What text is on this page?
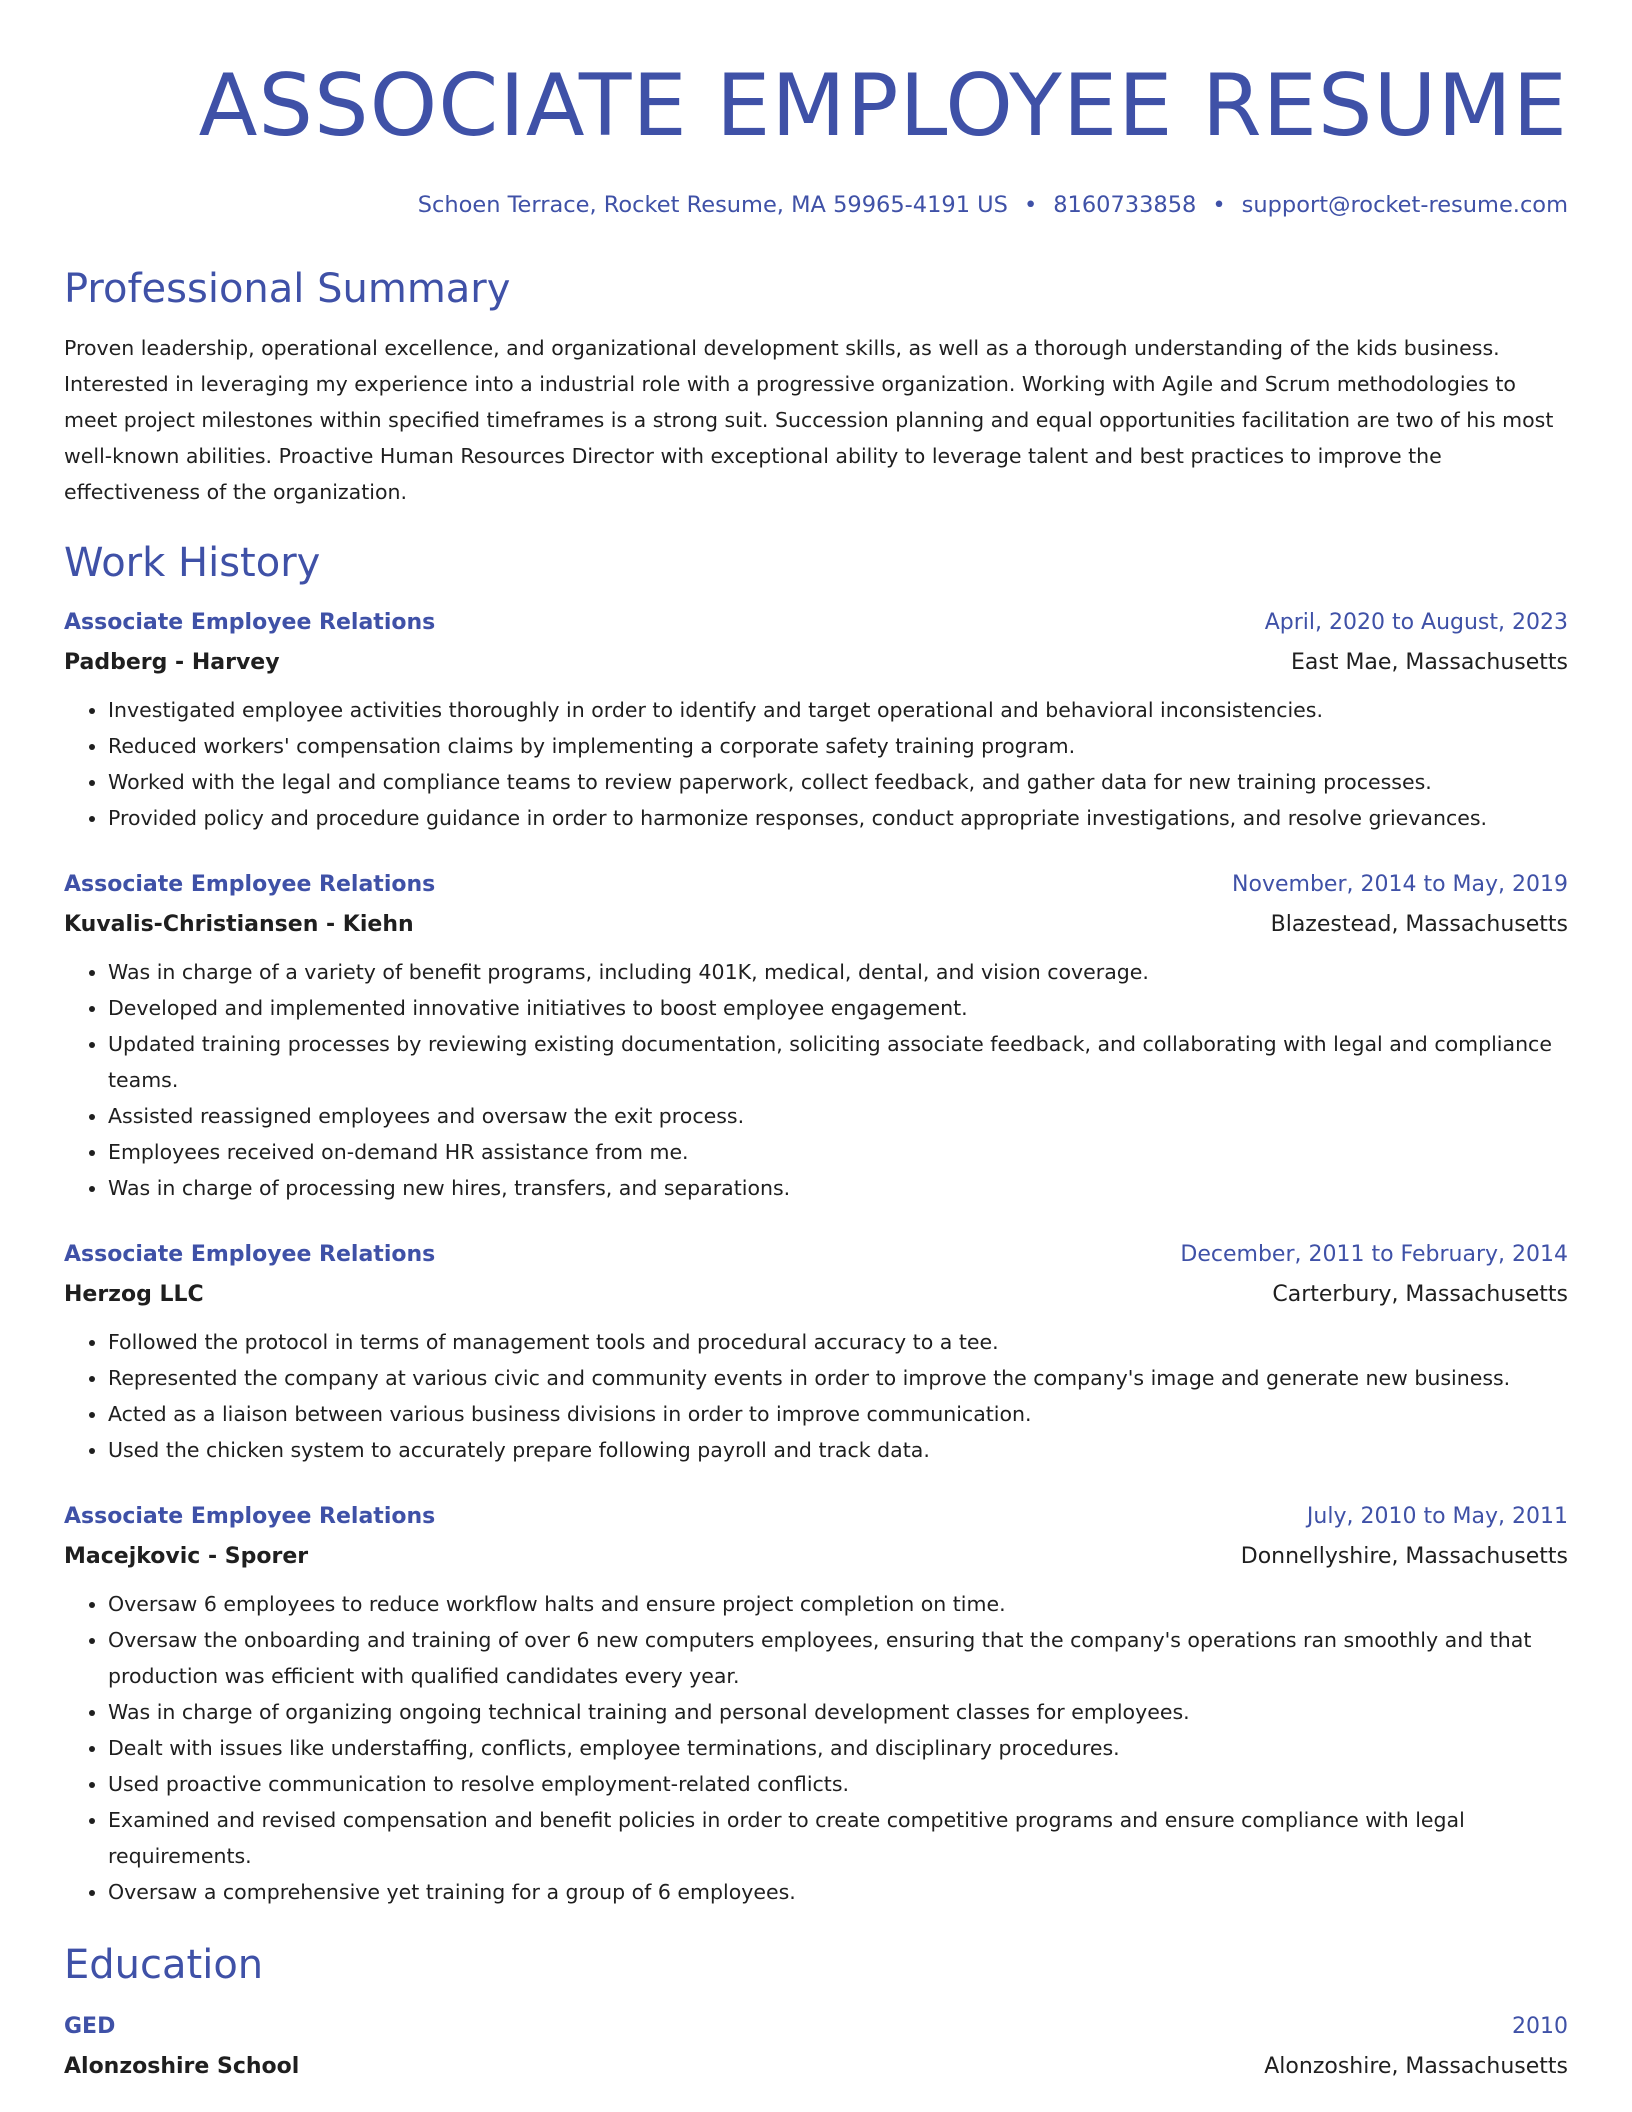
ASSOCIATE EMPLOYEE RESUME
Schoen Terrace, Rocket Resume, MA 59965-4191 US • 8160733858 • support@rocket-resume.com
Professional Summary
Proven leadership, operational excellence, and organizational development skills, as well as a thorough understanding of the kids business. Interested in leveraging my experience into a industrial role with a progressive organization. Working with Agile and Scrum methodologies to meet project milestones within specified timeframes is a strong suit. Succession planning and equal opportunities facilitation are two of his most well-known abilities. Proactive Human Resources Director with exceptional ability to leverage talent and best practices to improve the effectiveness of the organization.
Work History
Associate Employee Relations	April, 2020 to August, 2023
Padberg - Harvey	East Mae, Massachusetts
• Investigated employee activities thoroughly in order to identify and target operational and behavioral inconsistencies.
• Reduced workers' compensation claims by implementing a corporate safety training program.
• Worked with the legal and compliance teams to review paperwork, collect feedback, and gather data for new training processes.
• Provided policy and procedure guidance in order to harmonize responses, conduct appropriate investigations, and resolve grievances.
Associate Employee Relations	November, 2014 to May, 2019
Kuvalis-Christiansen - Kiehn	Blazestead, Massachusetts
• Was in charge of a variety of benefit programs, including 401K, medical, dental, and vision coverage.
• Developed and implemented innovative initiatives to boost employee engagement.
• Updated training processes by reviewing existing documentation, soliciting associate feedback, and collaborating with legal and compliance teams.
• Assisted reassigned employees and oversaw the exit process.
• Employees received on-demand HR assistance from me.
• Was in charge of processing new hires, transfers, and separations.
Associate Employee Relations	December, 2011 to February, 2014
Herzog LLC	Carterbury, Massachusetts
• Followed the protocol in terms of management tools and procedural accuracy to a tee.
• Represented the company at various civic and community events in order to improve the company's image and generate new business.
• Acted as a liaison between various business divisions in order to improve communication.
• Used the chicken system to accurately prepare following payroll and track data.
Associate Employee Relations	July, 2010 to May, 2011
Macejkovic - Sporer	Donnellyshire, Massachusetts
• Oversaw 6 employees to reduce workflow halts and ensure project completion on time.
• Oversaw the onboarding and training of over 6 new computers employees, ensuring that the company's operations ran smoothly and that production was efficient with qualified candidates every year.
• Was in charge of organizing ongoing technical training and personal development classes for employees.
• Dealt with issues like understaffing, conflicts, employee terminations, and disciplinary procedures.
• Used proactive communication to resolve employment-related conflicts.
• Examined and revised compensation and benefit policies in order to create competitive programs and ensure compliance with legal requirements.
• Oversaw a comprehensive yet training for a group of 6 employees.
Education
GED	2010
Alonzoshire School	Alonzoshire, Massachusetts
